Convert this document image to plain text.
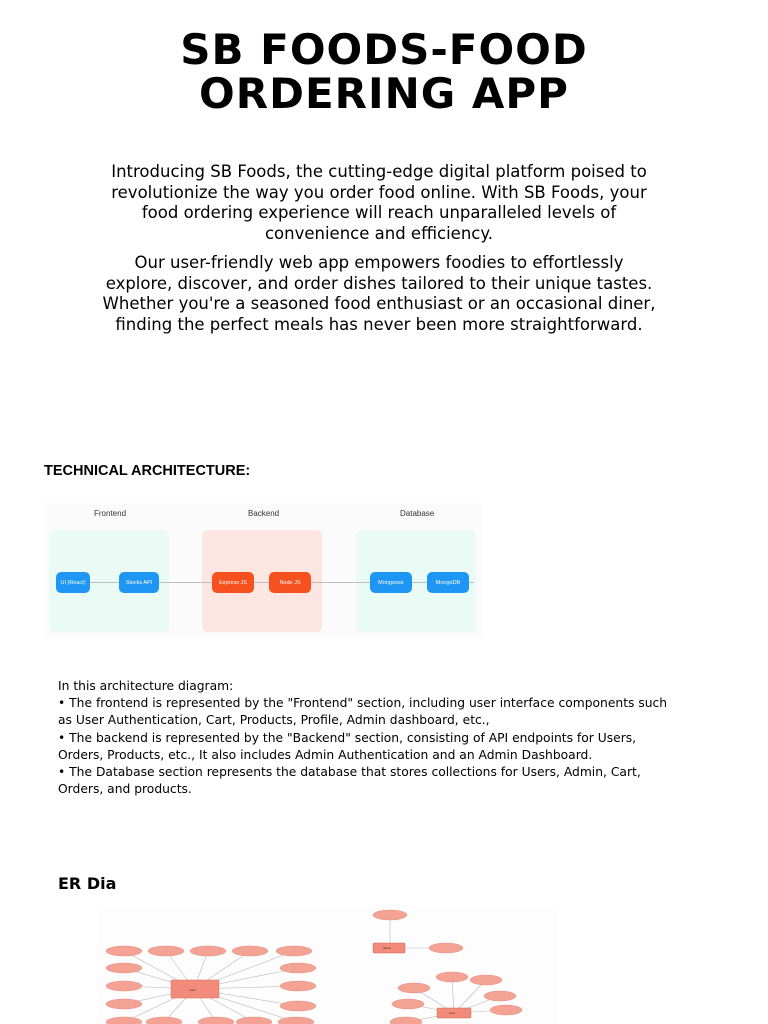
SB FOODS-FOOD
ORDERING APP
Introducing SB Foods, the cutting-edge digital platform poised to revolutionize the way you order food online. With SB Foods, your food ordering experience will reach unparalleled levels of convenience and efficiency.
Our user-friendly web app empowers foodies to effortlessly explore, discover, and order dishes tailored to their unique tastes. Whether you're a seasoned food enthusiast or an occasional diner, finding the perfect meals has never been more straightforward.
TECHNICAL ARCHITECTURE:
Frontend	Backend	Database
UI (React)	Stocks API	Express JS	Node JS	Mongoose	MongoDB
In this architecture diagram:
• The frontend is represented by the "Frontend" section, including user interface components such as User Authentication, Cart, Products, Profile, Admin dashboard, etc.,
• The backend is represented by the "Backend" section, consisting of API endpoints for Users, Orders, Products, etc., It also includes Admin Authentication and an Admin Dashboard.
• The Database section represents the database that stores collections for Users, Admin, Cart, Orders, and products.
ER Dia
order
admin
food
